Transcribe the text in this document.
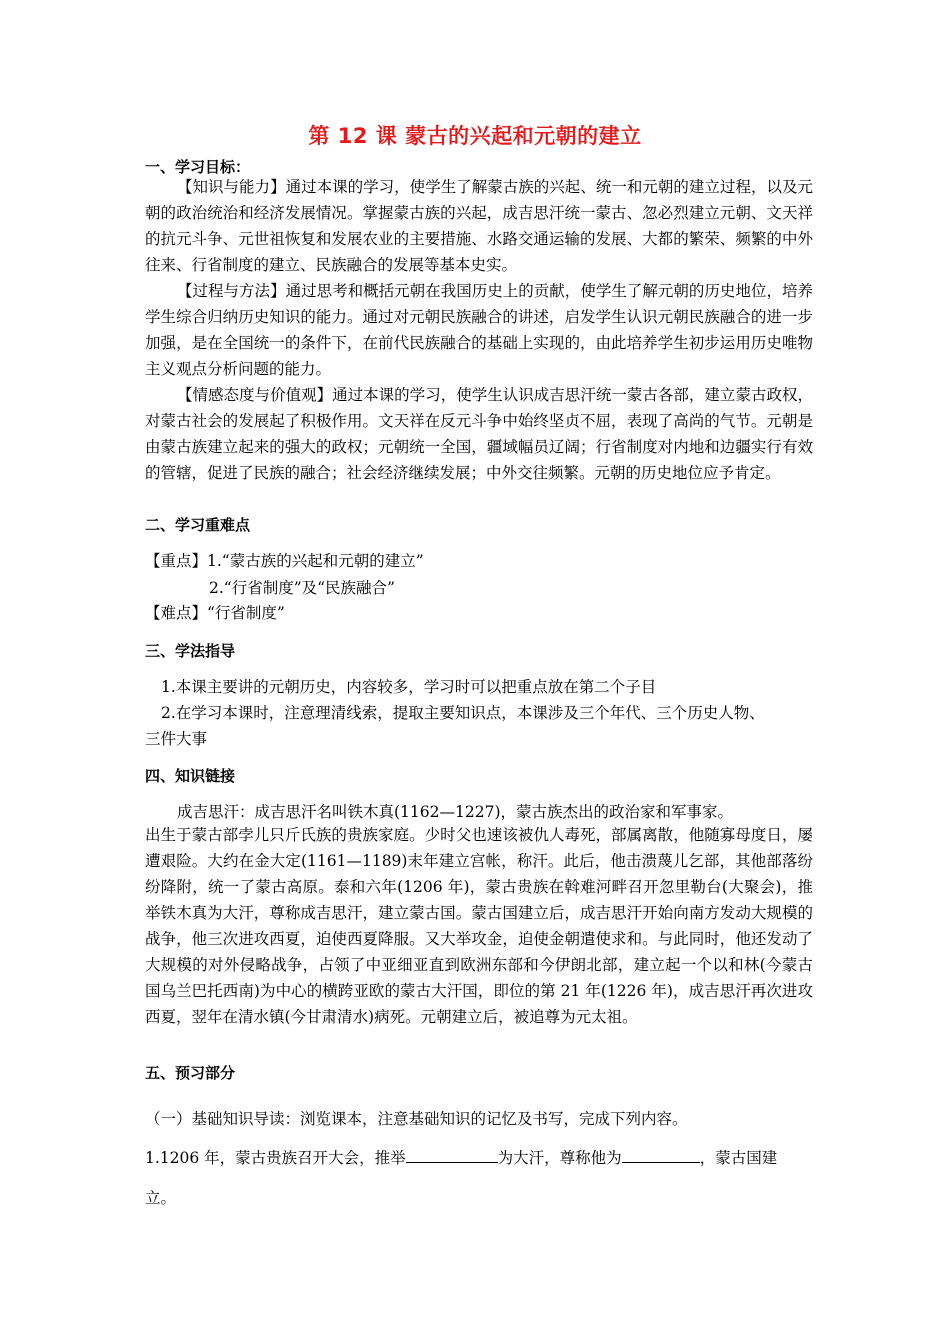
第 12 课 蒙古的兴起和元朝的建立
一、学习目标：

【知识与能力】通过本课的学习，使学生了解蒙古族的兴起、统一和元朝的建立过程，以及元朝的政治统治和经济发展情况。掌握蒙古族的兴起，成吉思汗统一蒙古、忽必烈建立元朝、文天祥的抗元斗争、元世祖恢复和发展农业的主要措施、水路交通运输的发展、大都的繁荣、频繁的中外往来、行省制度的建立、民族融合的发展等基本史实。

【过程与方法】通过思考和概括元朝在我国历史上的贡献，使学生了解元朝的历史地位，培养学生综合归纳历史知识的能力。通过对元朝民族融合的讲述，启发学生认识元朝民族融合的进一步加强，是在全国统一的条件下，在前代民族融合的基础上实现的，由此培养学生初步运用历史唯物主义观点分析问题的能力。

【情感态度与价值观】通过本课的学习，使学生认识成吉思汗统一蒙古各部，建立蒙古政权，对蒙古社会的发展起了积极作用。文天祥在反元斗争中始终坚贞不屈，表现了高尚的气节。元朝是由蒙古族建立起来的强大的政权；元朝统一全国，疆域幅员辽阔；行省制度对内地和边疆实行有效的管辖，促进了民族的融合；社会经济继续发展；中外交往频繁。元朝的历史地位应予肯定。

二、学习重难点
【重点】1.“蒙古族的兴起和元朝的建立”
2.“行省制度”及“民族融合”
【难点】“行省制度”
三、学法指导
1.本课主要讲的元朝历史，内容较多，学习时可以把重点放在第二个子目
2.在学习本课时，注意理清线索，提取主要知识点，本课涉及三个年代、三个历史人物、
三件大事
四、知识链接
成吉思汗：成吉思汗名叫铁木真(1162—1227)，蒙古族杰出的政治家和军事家。

出生于蒙古部孛儿只斤氏族的贵族家庭。少时父也速该被仇人毒死，部属离散，他随寡母度日，屡遭艰险。大约在金大定(1161—1189)末年建立宫帐，称汗。此后，他击溃蔑儿乞部，其他部落纷纷降附，统一了蒙古高原。泰和六年(1206 年)，蒙古贵族在斡难河畔召开忽里勒台(大聚会)，推举铁木真为大汗，尊称成吉思汗，建立蒙古国。蒙古国建立后，成吉思汗开始向南方发动大规模的战争，他三次进攻西夏，迫使西夏降服。又大举攻金，迫使金朝遣使求和。与此同时，他还发动了大规模的对外侵略战争，占领了中亚细亚直到欧洲东部和今伊朗北部，建立起一个以和林(今蒙古国乌兰巴托西南)为中心的横跨亚欧的蒙古大汗国，即位的第 21 年(1226 年)，成吉思汗再次进攻西夏，翌年在清水镇(今甘肃清水)病死。元朝建立后，被追尊为元太祖。

五、预习部分
（一）基础知识导读：浏览课本，注意基础知识的记忆及书写，完成下列内容。
1.1206 年，蒙古贵族召开大会，推举	为大汗，尊称他为	，蒙古国建
立。
